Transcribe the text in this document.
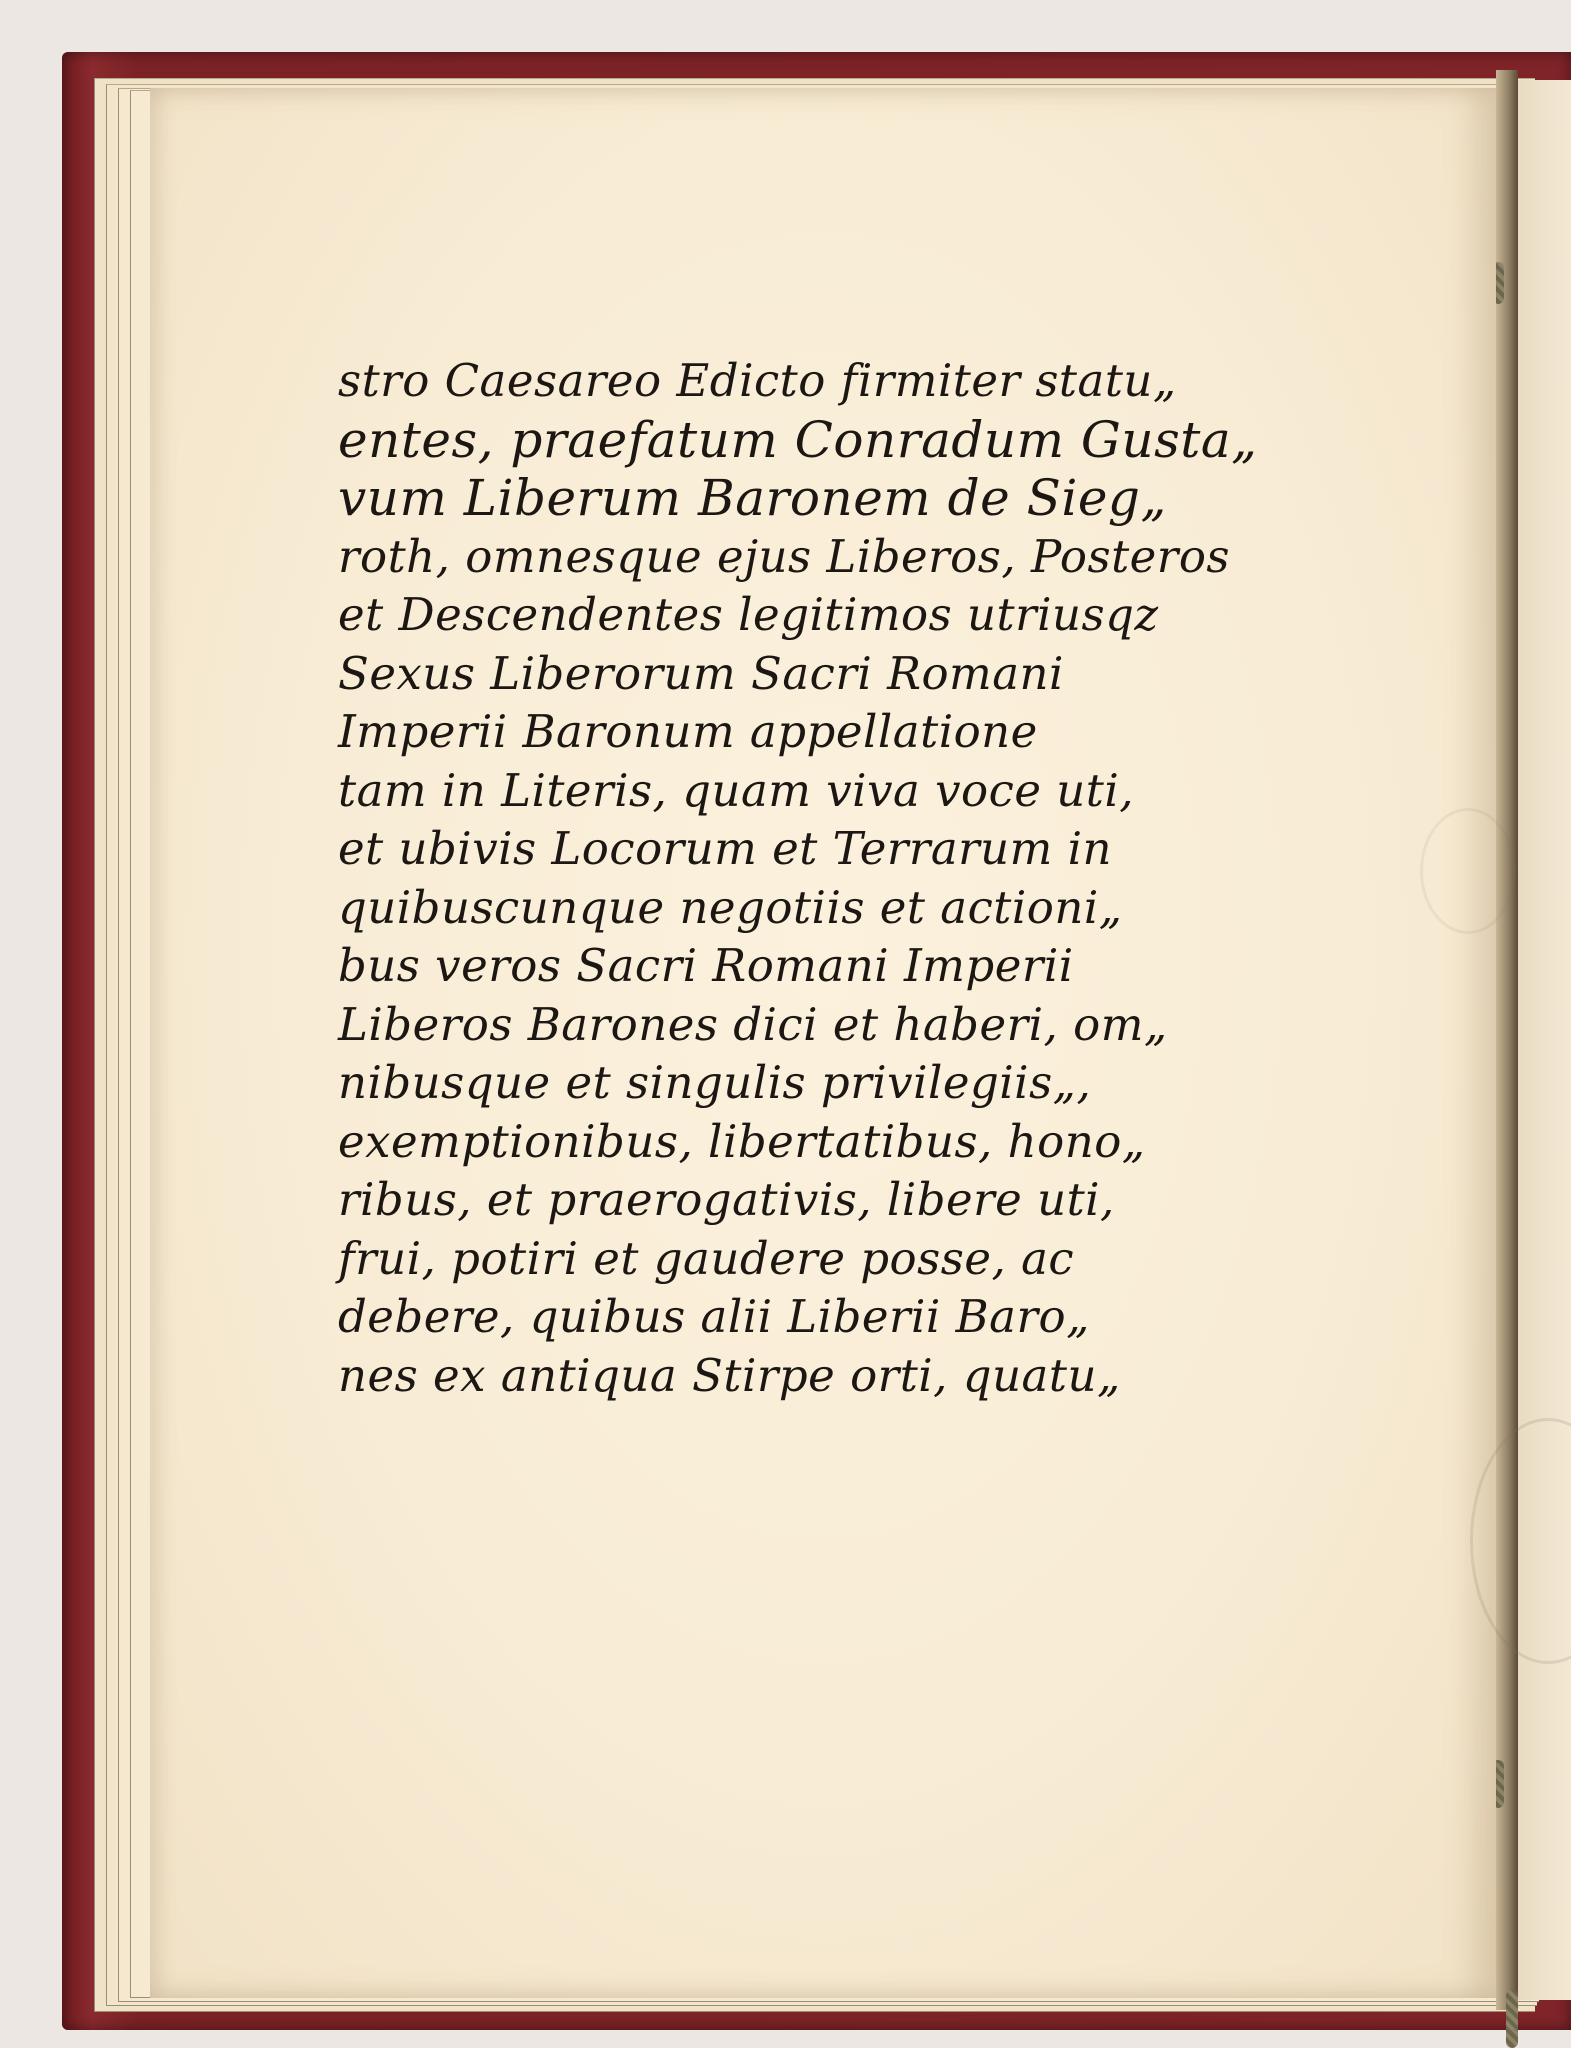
stro Caesareo Edicto firmiter statu„
entes, praefatum Conradum Gusta„
vum Liberum Baronem de Sieg„
roth, omnesque ejus Liberos, Posteros
et Descendentes legitimos utriusqz
Sexus Liberorum Sacri Romani
Imperii Baronum appellatione
tam in Literis, quam viva voce uti,
et ubivis Locorum et Terrarum in
quibuscunque negotiis et actioni„
bus veros Sacri Romani Imperii
Liberos Barones dici et haberi, om„
nibusque et singulis privilegiis„,
exemptionibus, libertatibus, hono„
ribus, et praerogativis, libere uti,
frui, potiri et gaudere posse, ac
debere, quibus alii Liberii Baro„
nes ex antiqua Stirpe orti, quatu„
